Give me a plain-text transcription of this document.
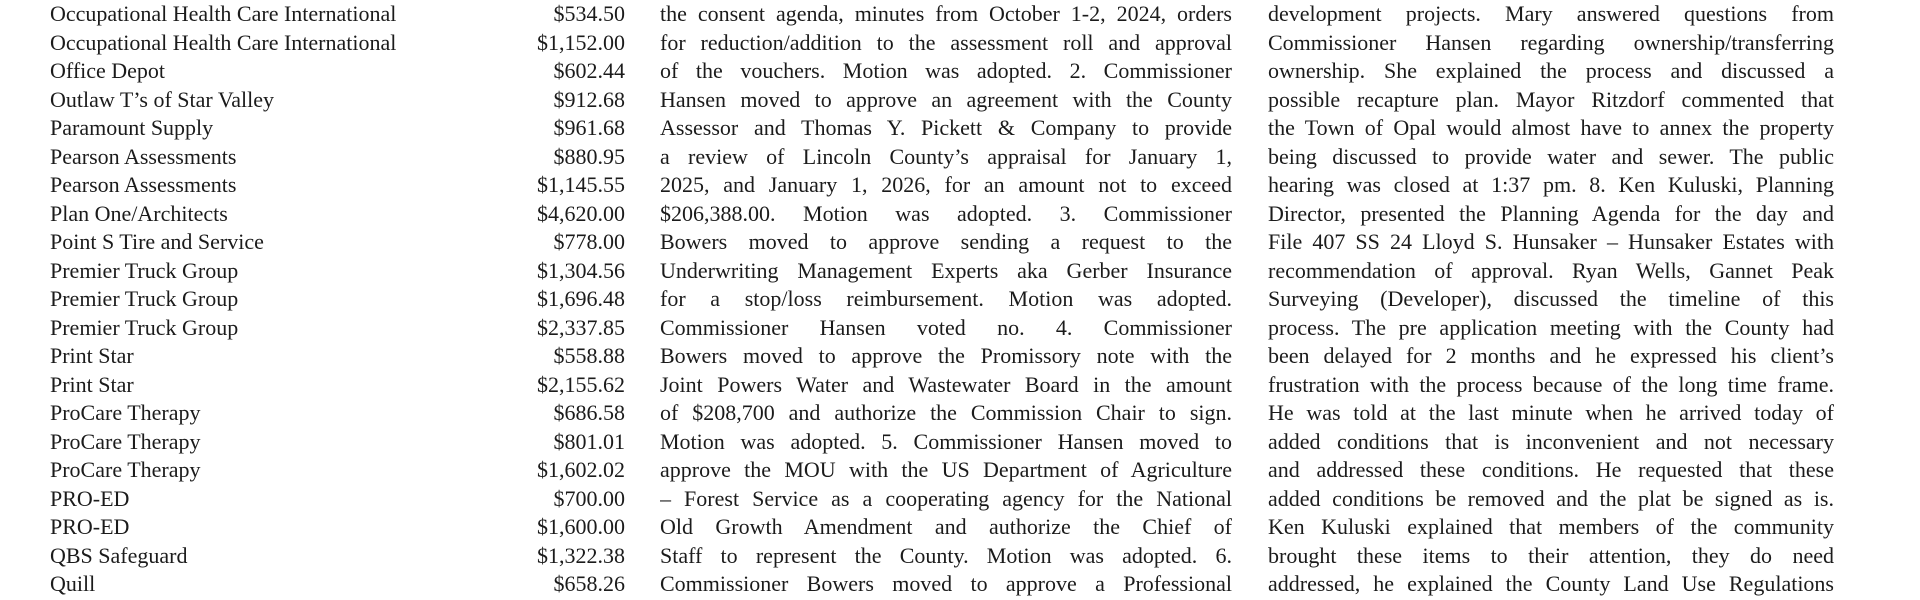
Occupational Health Care International	$534.50
Occupational Health Care International	$1,152.00
Office Depot	$602.44
Outlaw T’s of Star Valley	$912.68
Paramount Supply	$961.68
Pearson Assessments	$880.95
Pearson Assessments	$1,145.55
Plan One/Architects	$4,620.00
Point S Tire and Service	$778.00
Premier Truck Group	$1,304.56
Premier Truck Group	$1,696.48
Premier Truck Group	$2,337.85
Print Star	$558.88
Print Star	$2,155.62
ProCare Therapy	$686.58
ProCare Therapy	$801.01
ProCare Therapy	$1,602.02
PRO-ED	$700.00
PRO-ED	$1,600.00
QBS Safeguard	$1,322.38
Quill	$658.26
the consent agenda, minutes from October 1-2, 2024, orders
for reduction/addition to the assessment roll and approval
of the vouchers. Motion was adopted. 2. Commissioner
Hansen moved to approve an agreement with the County
Assessor and Thomas Y. Pickett & Company to provide
a review of Lincoln County’s appraisal for January 1,
2025, and January 1, 2026, for an amount not to exceed
$206,388.00. Motion was adopted. 3. Commissioner
Bowers moved to approve sending a request to the
Underwriting Management Experts aka Gerber Insurance
for a stop/loss reimbursement. Motion was adopted.
Commissioner Hansen voted no. 4. Commissioner
Bowers moved to approve the Promissory note with the
Joint Powers Water and Wastewater Board in the amount
of $208,700 and authorize the Commission Chair to sign.
Motion was adopted. 5. Commissioner Hansen moved to
approve the MOU with the US Department of Agriculture
– Forest Service as a cooperating agency for the National
Old Growth Amendment and authorize the Chief of
Staff to represent the County. Motion was adopted. 6.
Commissioner Bowers moved to approve a Professional
development projects. Mary answered questions from
Commissioner Hansen regarding ownership/transferring
ownership. She explained the process and discussed a
possible recapture plan. Mayor Ritzdorf commented that
the Town of Opal would almost have to annex the property
being discussed to provide water and sewer. The public
hearing was closed at 1:37 pm. 8. Ken Kuluski, Planning
Director, presented the Planning Agenda for the day and
File 407 SS 24 Lloyd S. Hunsaker – Hunsaker Estates with
recommendation of approval. Ryan Wells, Gannet Peak
Surveying (Developer), discussed the timeline of this
process. The pre application meeting with the County had
been delayed for 2 months and he expressed his client’s
frustration with the process because of the long time frame.
He was told at the last minute when he arrived today of
added conditions that is inconvenient and not necessary
and addressed these conditions. He requested that these
added conditions be removed and the plat be signed as is.
Ken Kuluski explained that members of the community
brought these items to their attention, they do need
addressed, he explained the County Land Use Regulations
